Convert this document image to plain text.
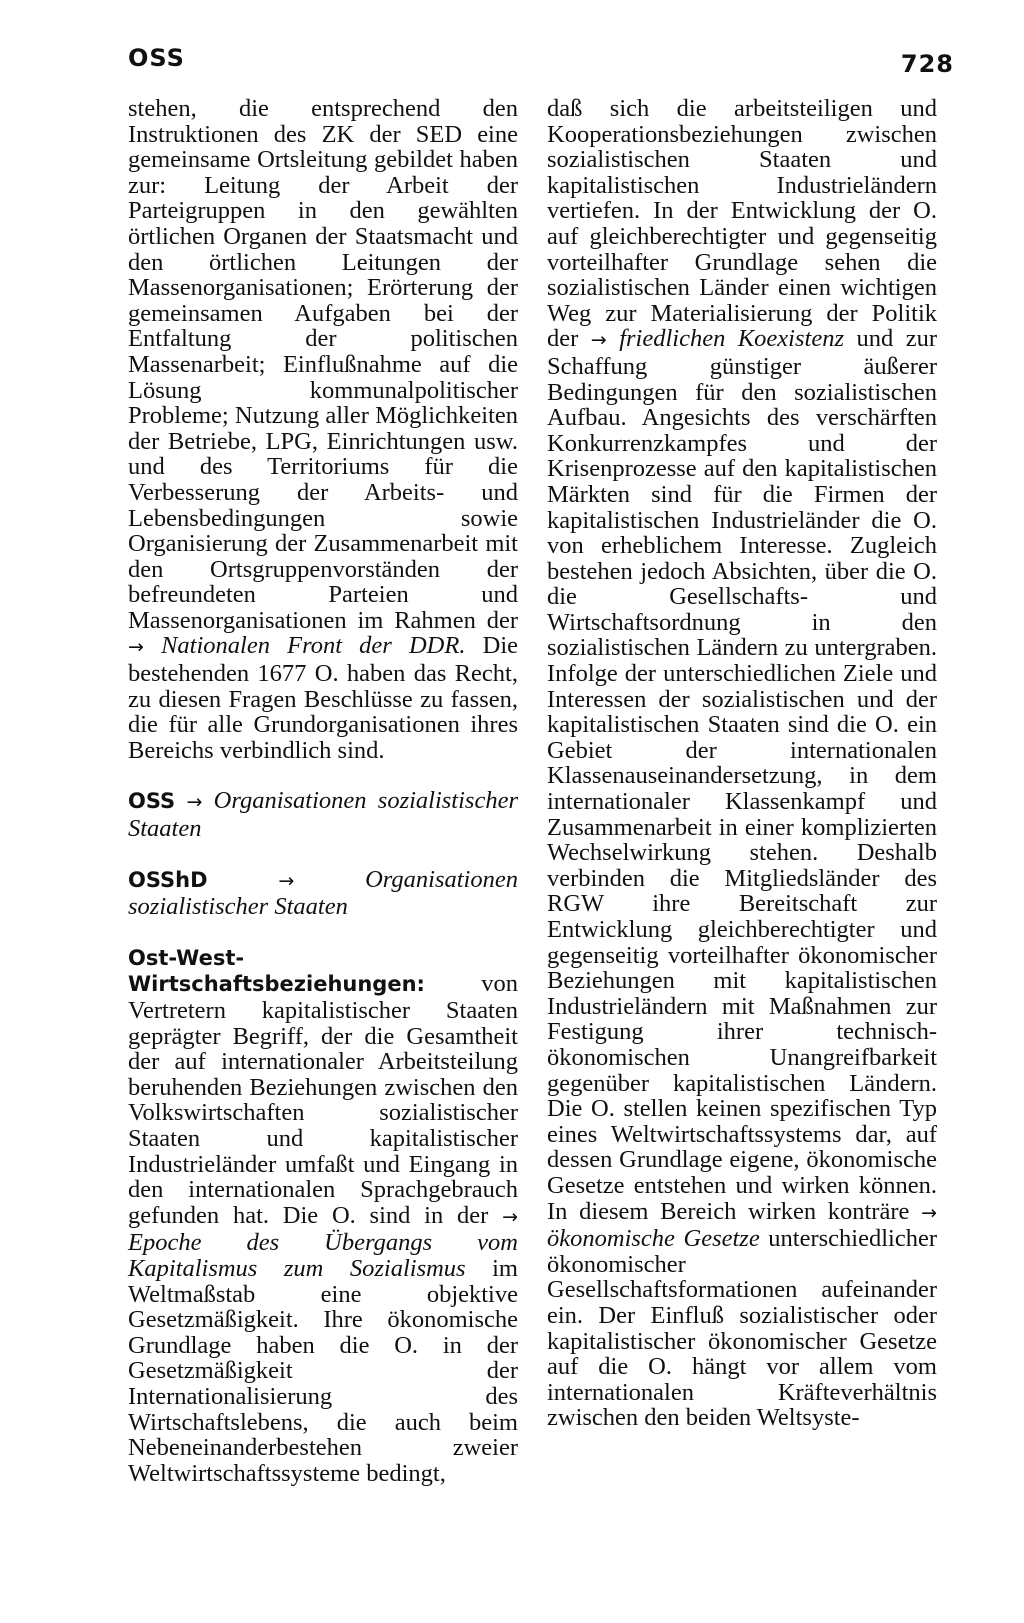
OSS	728

stehen, die entsprechend den Instruktionen des ZK der SED eine gemeinsame Ortsleitung gebildet haben zur: Leitung der Arbeit der Parteigruppen in den gewählten örtlichen Organen der Staatsmacht und den örtlichen Leitungen der Massenorganisationen; Erörterung der gemeinsamen Aufgaben bei der Entfaltung der politischen Massenarbeit; Einflußnahme auf die Lösung kommunalpolitischer Probleme; Nutzung aller Möglichkeiten der Betriebe, LPG, Einrichtungen usw. und des Territoriums für die Verbesserung der Arbeits- und Lebensbedingungen sowie Organisierung der Zusammenarbeit mit den Ortsgruppenvorständen der befreundeten Parteien und Massenorganisationen im Rahmen der → Nationalen Front der DDR. Die bestehenden 1677 O. haben das Recht, zu diesen Fragen Beschlüsse zu fassen, die für alle Grundorganisationen ihres Bereichs verbindlich sind.

OSS → Organisationen sozialistischer Staaten

OSShD	→	Organisationen sozialistischer Staaten

Ost-West-Wirtschaftsbeziehungen: von Vertretern kapitalistischer Staaten geprägter Begriff, der die Gesamtheit der auf internationaler Arbeitsteilung beruhenden Beziehungen zwischen den Volkswirtschaften sozialistischer Staaten und kapitalistischer Industrieländer umfaßt und Eingang in den internationalen Sprachgebrauch gefunden hat. Die O. sind in der → Epoche des Übergangs vom Kapitalismus zum Sozialismus im Weltmaßstab eine objektive Gesetzmäßigkeit. Ihre ökonomische Grundlage haben die O. in der Gesetzmäßigkeit der Internationalisierung des Wirtschaftslebens, die auch beim Nebeneinanderbestehen zweier Weltwirtschaftssysteme bedingt,

daß sich die arbeitsteiligen und Kooperationsbeziehungen zwischen sozialistischen Staaten und kapitalistischen Industrieländern vertiefen. In der Entwicklung der O. auf gleichberechtigter und gegenseitig vorteilhafter Grundlage sehen die sozialistischen Länder einen wichtigen Weg zur Materialisierung der Politik der → friedlichen Koexistenz und zur Schaffung günstiger äußerer Bedingungen für den sozialistischen Aufbau. Angesichts des verschärften Konkurrenzkampfes und der Krisenprozesse auf den kapitalistischen Märkten sind für die Firmen der kapitalistischen Industrieländer die O. von erheblichem Interesse. Zugleich bestehen jedoch Absichten, über die O. die Gesellschafts- und Wirtschaftsordnung in den sozialistischen Ländern zu untergraben. Infolge der unterschiedlichen Ziele und Interessen der sozialistischen und der kapitalistischen Staaten sind die O. ein Gebiet der internationalen Klassenauseinandersetzung, in dem internationaler Klassenkampf und Zusammenarbeit in einer komplizierten Wechselwirkung stehen. Deshalb verbinden die Mitgliedsländer des RGW ihre Bereitschaft zur Entwicklung gleichberechtigter und gegenseitig vorteilhafter ökonomischer Beziehungen mit kapitalistischen Industrieländern mit Maßnahmen zur Festigung ihrer technisch-ökonomischen Unangreifbarkeit gegenüber kapitalistischen Ländern. Die O. stellen keinen spezifischen Typ eines Weltwirtschaftssystems dar, auf dessen Grundlage eigene, ökonomische Gesetze entstehen und wirken können. In diesem Bereich wirken konträre → ökonomische Gesetze unterschiedlicher ökonomischer Gesellschaftsformationen aufeinander ein. Der Einfluß sozialistischer oder kapitalistischer ökonomischer Gesetze auf die O. hängt vor allem vom internationalen Kräfteverhältnis zwischen den beiden Weltsyste-
